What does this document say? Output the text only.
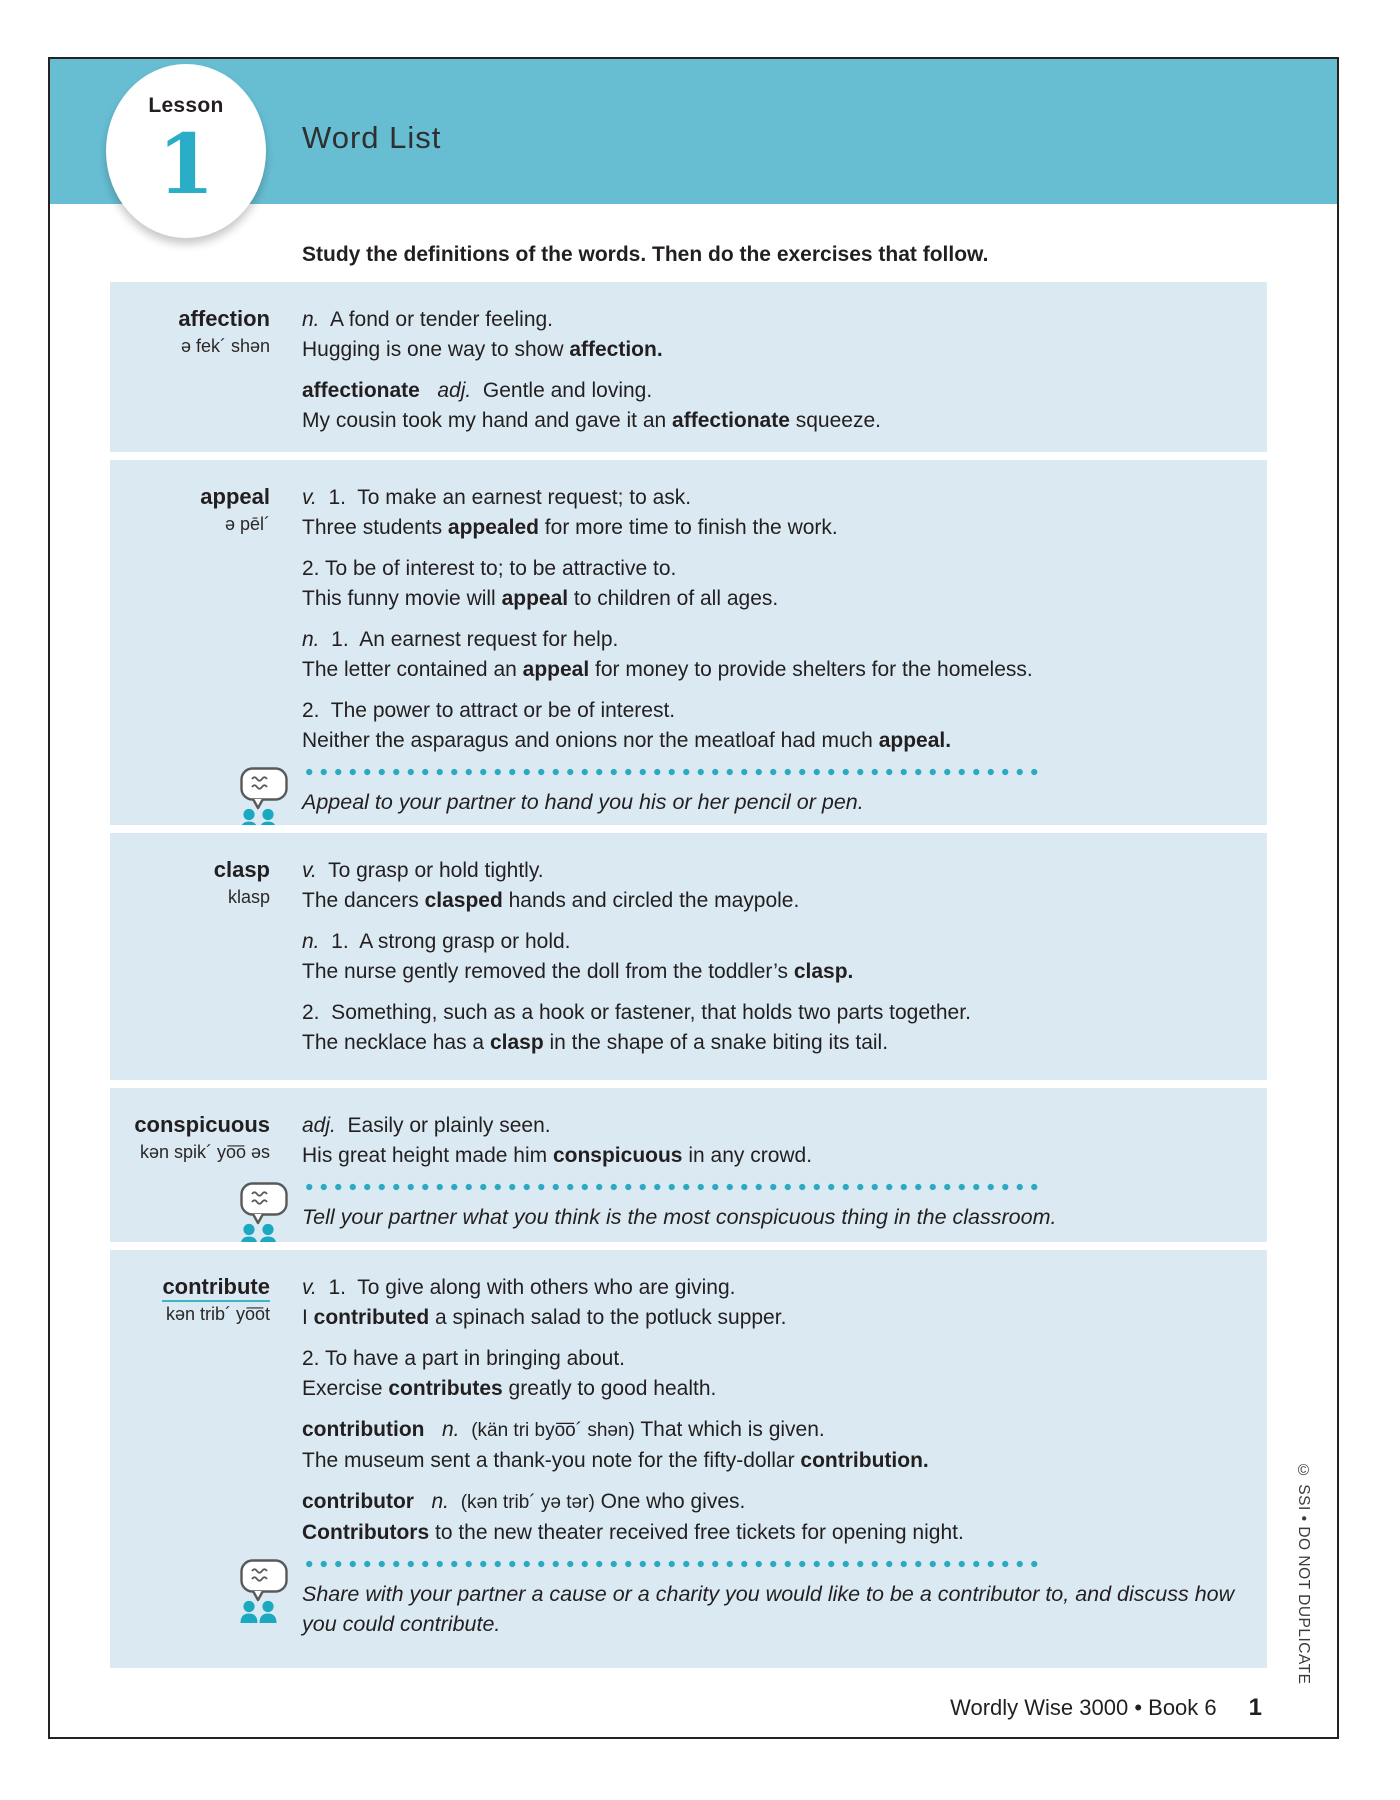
Lesson
1	Word List
Study the definitions of the words. Then do the exercises that follow.
affection
ə fek´ shən
n.  A fond or tender feeling.
Hugging is one way to show affection.
affectionate adj.  Gentle and loving.
My cousin took my hand and gave it an affectionate squeeze.
appeal
ə pēl´
v.  1.  To make an earnest request; to ask.
Three students appealed for more time to finish the work.
2. To be of interest to; to be attractive to.
This funny movie will appeal to children of all ages.
n.  1.  An earnest request for help.
The letter contained an appeal for money to provide shelters for the homeless.
2.  The power to attract or be of interest.
Neither the asparagus and onions nor the meatloaf had much appeal.
Appeal to your partner to hand you his or her pencil or pen.
clasp
klasp
v.  To grasp or hold tightly.
The dancers clasped hands and circled the maypole.
n.  1.  A strong grasp or hold.
The nurse gently removed the doll from the toddler’s clasp.
2.  Something, such as a hook or fastener, that holds two parts together.
The necklace has a clasp in the shape of a snake biting its tail.
conspicuous
kən spik´ yo͞o əs
adj.  Easily or plainly seen.
His great height made him conspicuous in any crowd.
Tell your partner what you think is the most conspicuous thing in the classroom.
contribute
kən trib´ yo͞ot
v.  1.  To give along with others who are giving.
I contributed a spinach salad to the potluck supper.
2. To have a part in bringing about.
Exercise contributes greatly to good health.
contribution n. (kän tri byo͞o´ shən) That which is given.
The museum sent a thank-you note for the fifty-dollar contribution.
contributor n. (kən trib´ yə tər) One who gives.
Contributors to the new theater received free tickets for opening night.
Share with your partner a cause or a charity you would like to be a contributor to, and discuss how you could contribute.
Wordly Wise 3000 • Book 6 1
© SSI • DO NOT DUPLICATE
